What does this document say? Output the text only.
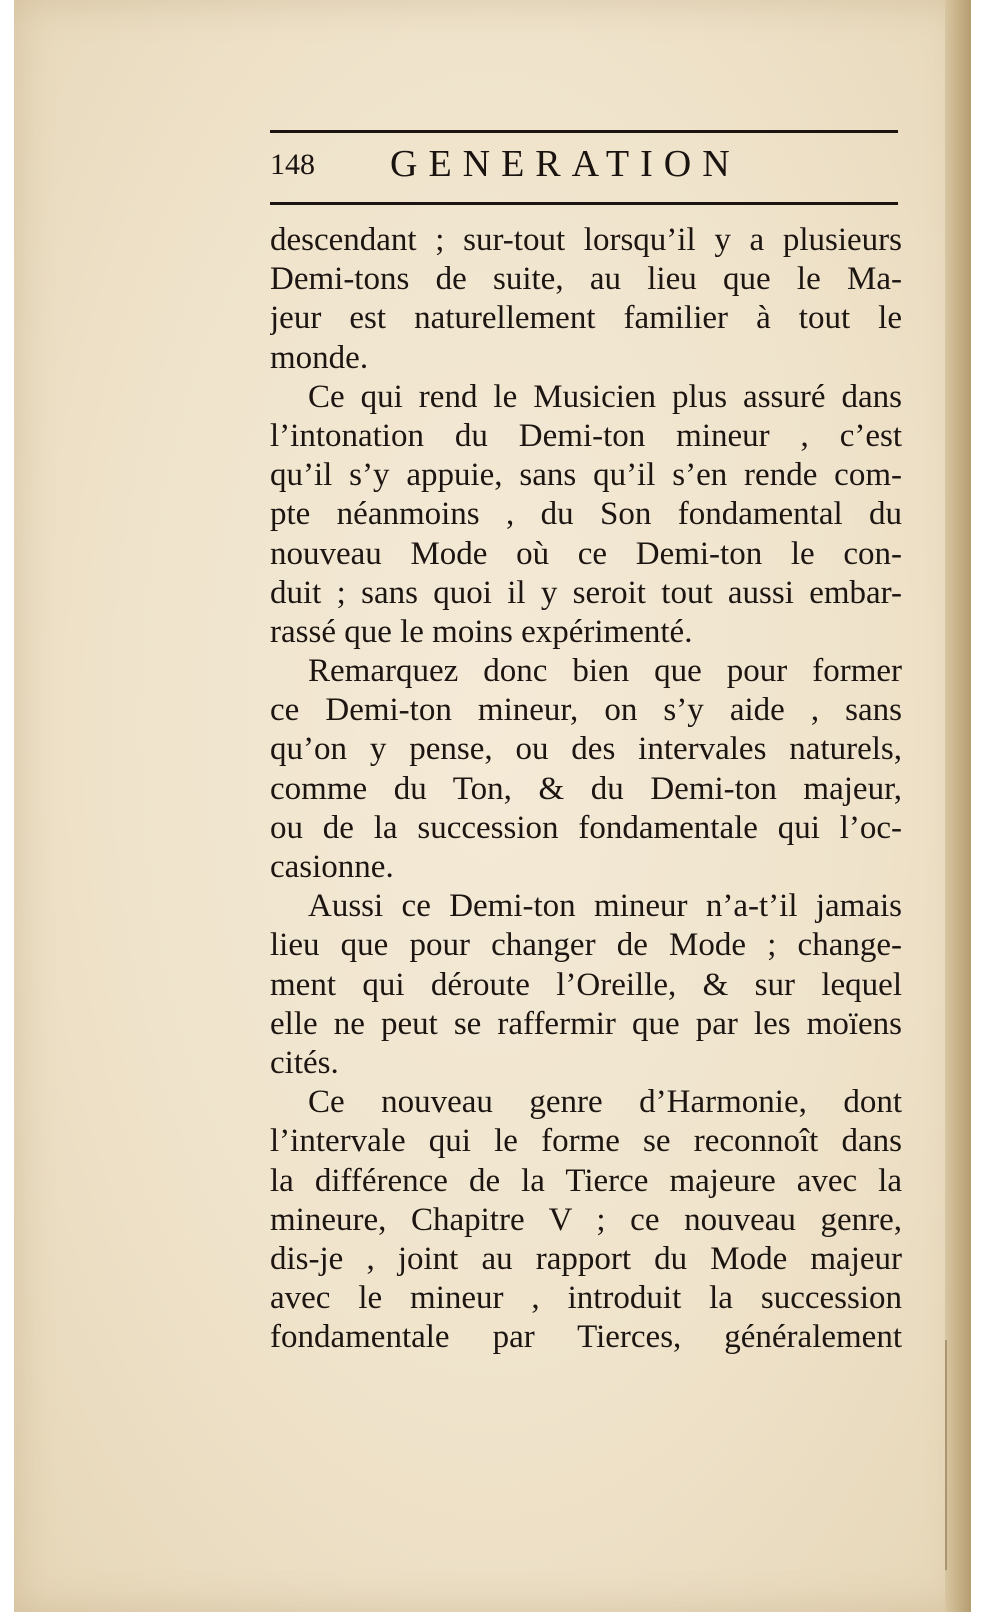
148 GENERATION
descendant ; sur-tout lorsqu’il y a plusieurs
Demi-tons de suite, au lieu que le Ma-
jeur est naturellement familier à tout le
monde.
Ce qui rend le Musicien plus assuré dans
l’intonation du Demi-ton mineur , c’est
qu’il s’y appuie, sans qu’il s’en rende com-
pte néanmoins , du Son fondamental du
nouveau Mode où ce Demi-ton le con-
duit ; sans quoi il y seroit tout aussi embar-
rassé que le moins expérimenté.
Remarquez donc bien que pour former
ce Demi-ton mineur, on s’y aide , sans
qu’on y pense, ou des intervales naturels,
comme du Ton, & du Demi-ton majeur,
ou de la succession fondamentale qui l’oc-
casionne.
Aussi ce Demi-ton mineur n’a-t’il jamais
lieu que pour changer de Mode ; change-
ment qui déroute l’Oreille, & sur lequel
elle ne peut se raffermir que par les moïens
cités.
Ce nouveau genre d’Harmonie, dont
l’intervale qui le forme se reconnoît dans
la différence de la Tierce majeure avec la
mineure, Chapitre V ; ce nouveau genre,
dis-je , joint au rapport du Mode majeur
avec le mineur , introduit la succession
fondamentale par Tierces, généralement
